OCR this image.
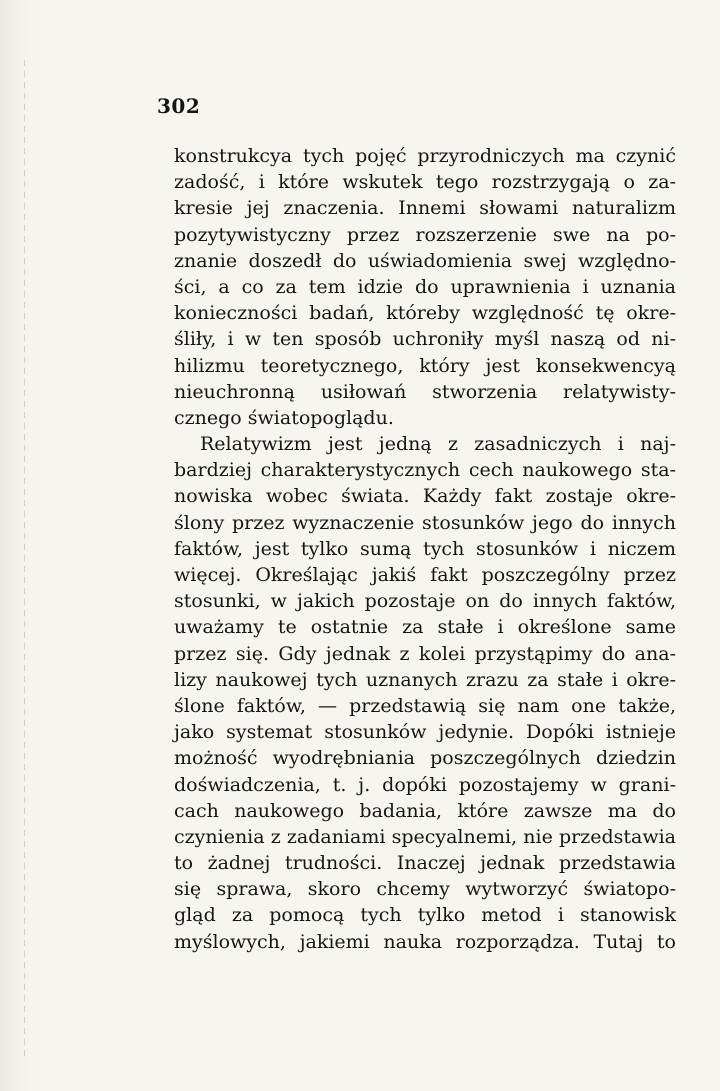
302
konstrukcya tych pojęć przyrodniczych ma czynić
zadość, i które wskutek tego rozstrzygają o za-
kresie jej znaczenia. Innemi słowami naturalizm
pozytywistyczny przez rozszerzenie swe na po-
znanie doszedł do uświadomienia swej względno-
ści, a co za tem idzie do uprawnienia i uznania
konieczności badań, któreby względność tę okre-
śliły, i w ten sposób uchroniły myśl naszą od ni-
hilizmu teoretycznego, który jest konsekwencyą
nieuchronną usiłowań stworzenia relatywisty-
cznego światopoglądu.
Relatywizm jest jedną z zasadniczych i naj-
bardziej charakterystycznych cech naukowego sta-
nowiska wobec świata. Każdy fakt zostaje okre-
ślony przez wyznaczenie stosunków jego do innych
faktów, jest tylko sumą tych stosunków i niczem
więcej. Określając jakiś fakt poszczególny przez
stosunki, w jakich pozostaje on do innych faktów,
uważamy te ostatnie za stałe i określone same
przez się. Gdy jednak z kolei przystąpimy do ana-
lizy naukowej tych uznanych zrazu za stałe i okre-
ślone faktów, — przedstawią się nam one także,
jako systemat stosunków jedynie. Dopóki istnieje
możność wyodrębniania poszczególnych dziedzin
doświadczenia, t. j. dopóki pozostajemy w grani-
cach naukowego badania, które zawsze ma do
czynienia z zadaniami specyalnemi, nie przedstawia
to żadnej trudności. Inaczej jednak przedstawia
się sprawa, skoro chcemy wytworzyć światopo-
gląd za pomocą tych tylko metod i stanowisk
myślowych, jakiemi nauka rozporządza. Tutaj to
